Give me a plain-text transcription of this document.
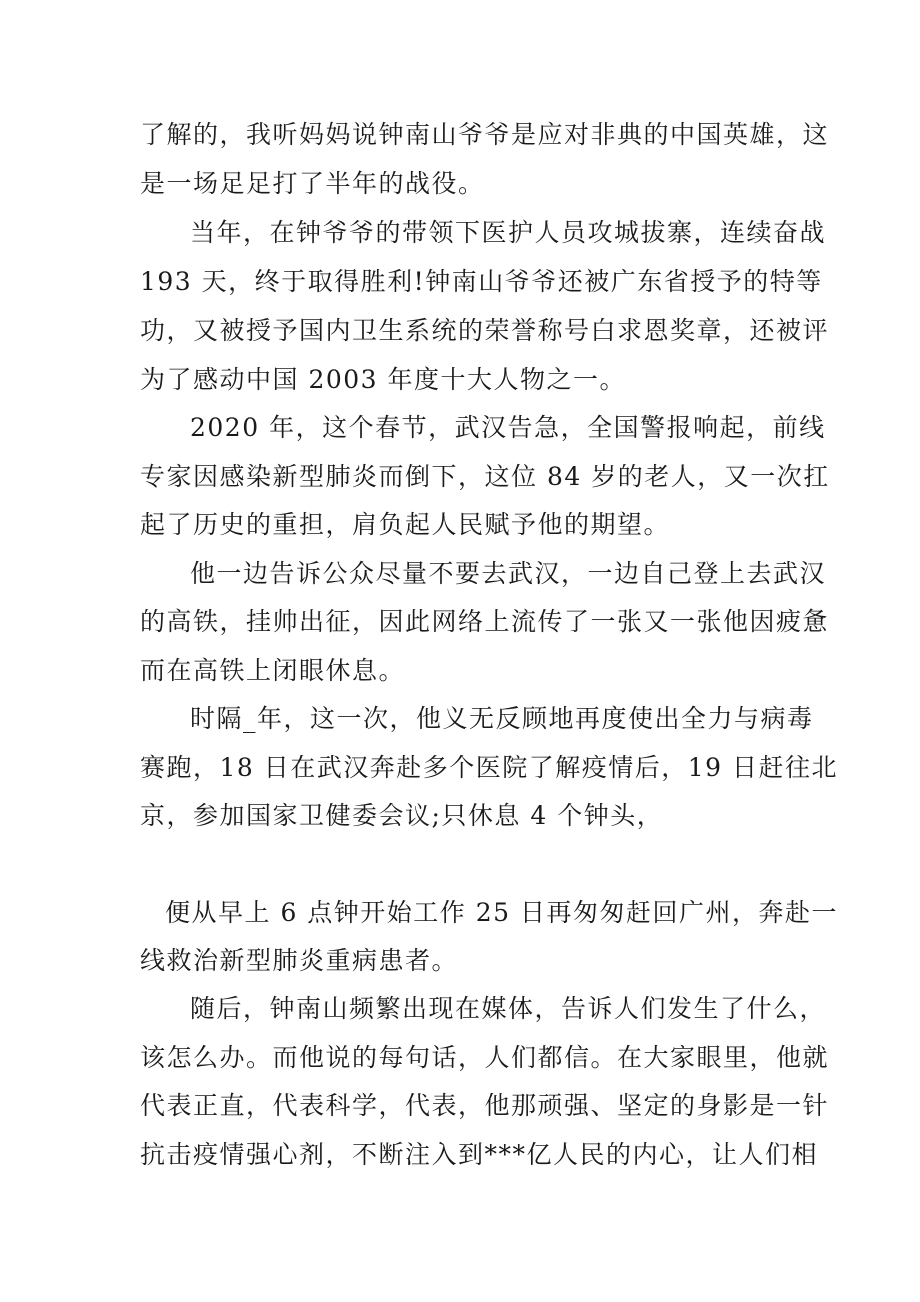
了解的，我听妈妈说钟南山爷爷是应对非典的中国英雄，这
是一场足足打了半年的战役。
当年，在钟爷爷的带领下医护人员攻城拔寨，连续奋战
193 天，终于取得胜利!钟南山爷爷还被广东省授予的特等
功，又被授予国内卫生系统的荣誉称号白求恩奖章，还被评
为了感动中国 2003 年度十大人物之一。
2020 年，这个春节，武汉告急，全国警报响起，前线
专家因感染新型肺炎而倒下，这位 84 岁的老人，又一次扛
起了历史的重担，肩负起人民赋予他的期望。
他一边告诉公众尽量不要去武汉，一边自己登上去武汉
的高铁，挂帅出征，因此网络上流传了一张又一张他因疲惫
而在高铁上闭眼休息。
时隔_年，这一次，他义无反顾地再度使出全力与病毒
赛跑，18 日在武汉奔赴多个医院了解疫情后，19 日赶往北
京，参加国家卫健委会议;只休息 4 个钟头，
便从早上 6 点钟开始工作 25 日再匆匆赶回广州，奔赴一
线救治新型肺炎重病患者。
随后，钟南山频繁出现在媒体，告诉人们发生了什么，
该怎么办。而他说的每句话，人们都信。在大家眼里，他就
代表正直，代表科学，代表，他那顽强、坚定的身影是一针
抗击疫情强心剂，不断注入到***亿人民的内心，让人们相
